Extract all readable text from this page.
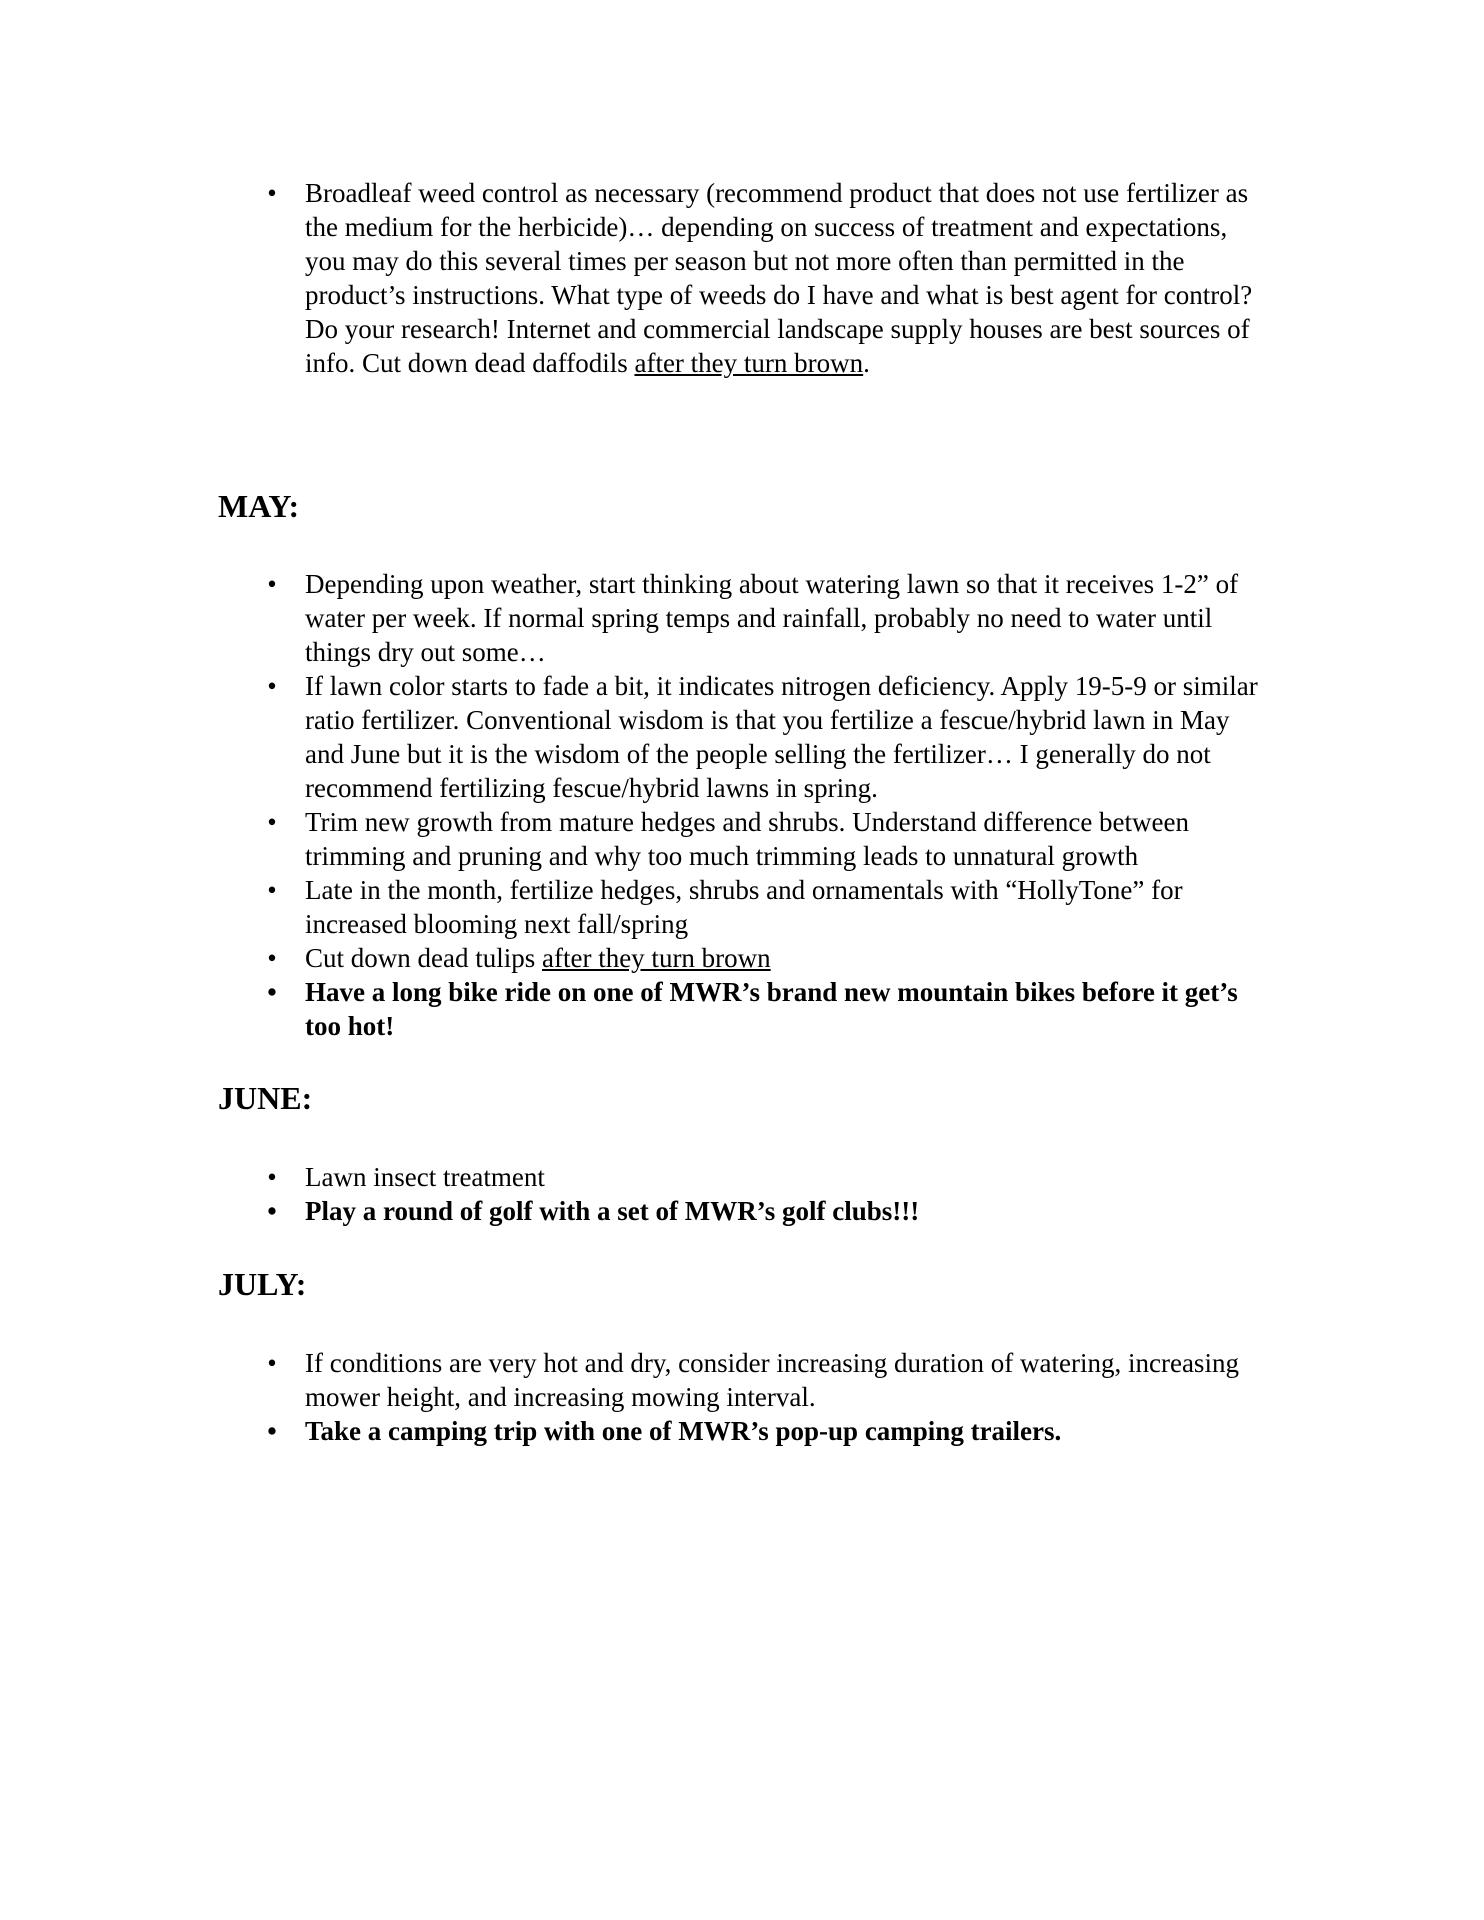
• Broadleaf weed control as necessary (recommend product that does not use fertilizer as the medium for the herbicide)… depending on success of treatment and expectations, you may do this several times per season but not more often than permitted in the product’s instructions. What type of weeds do I have and what is best agent for control? Do your research! Internet and commercial landscape supply houses are best sources of info. Cut down dead daffodils after they turn brown.
MAY:
• Depending upon weather, start thinking about watering lawn so that it receives 1-2” of water per week. If normal spring temps and rainfall, probably no need to water until things dry out some…
• If lawn color starts to fade a bit, it indicates nitrogen deficiency. Apply 19-5-9 or similar ratio fertilizer. Conventional wisdom is that you fertilize a fescue/hybrid lawn in May and June but it is the wisdom of the people selling the fertilizer… I generally do not recommend fertilizing fescue/hybrid lawns in spring.
• Trim new growth from mature hedges and shrubs. Understand difference between trimming and pruning and why too much trimming leads to unnatural growth
• Late in the month, fertilize hedges, shrubs and ornamentals with “HollyTone” for increased blooming next fall/spring
• Cut down dead tulips after they turn brown
• Have a long bike ride on one of MWR’s brand new mountain bikes before it get’s too hot!
JUNE:
• Lawn insect treatment
• Play a round of golf with a set of MWR’s golf clubs!!!
JULY:
• If conditions are very hot and dry, consider increasing duration of watering, increasing mower height, and increasing mowing interval.
• Take a camping trip with one of MWR’s pop-up camping trailers.
